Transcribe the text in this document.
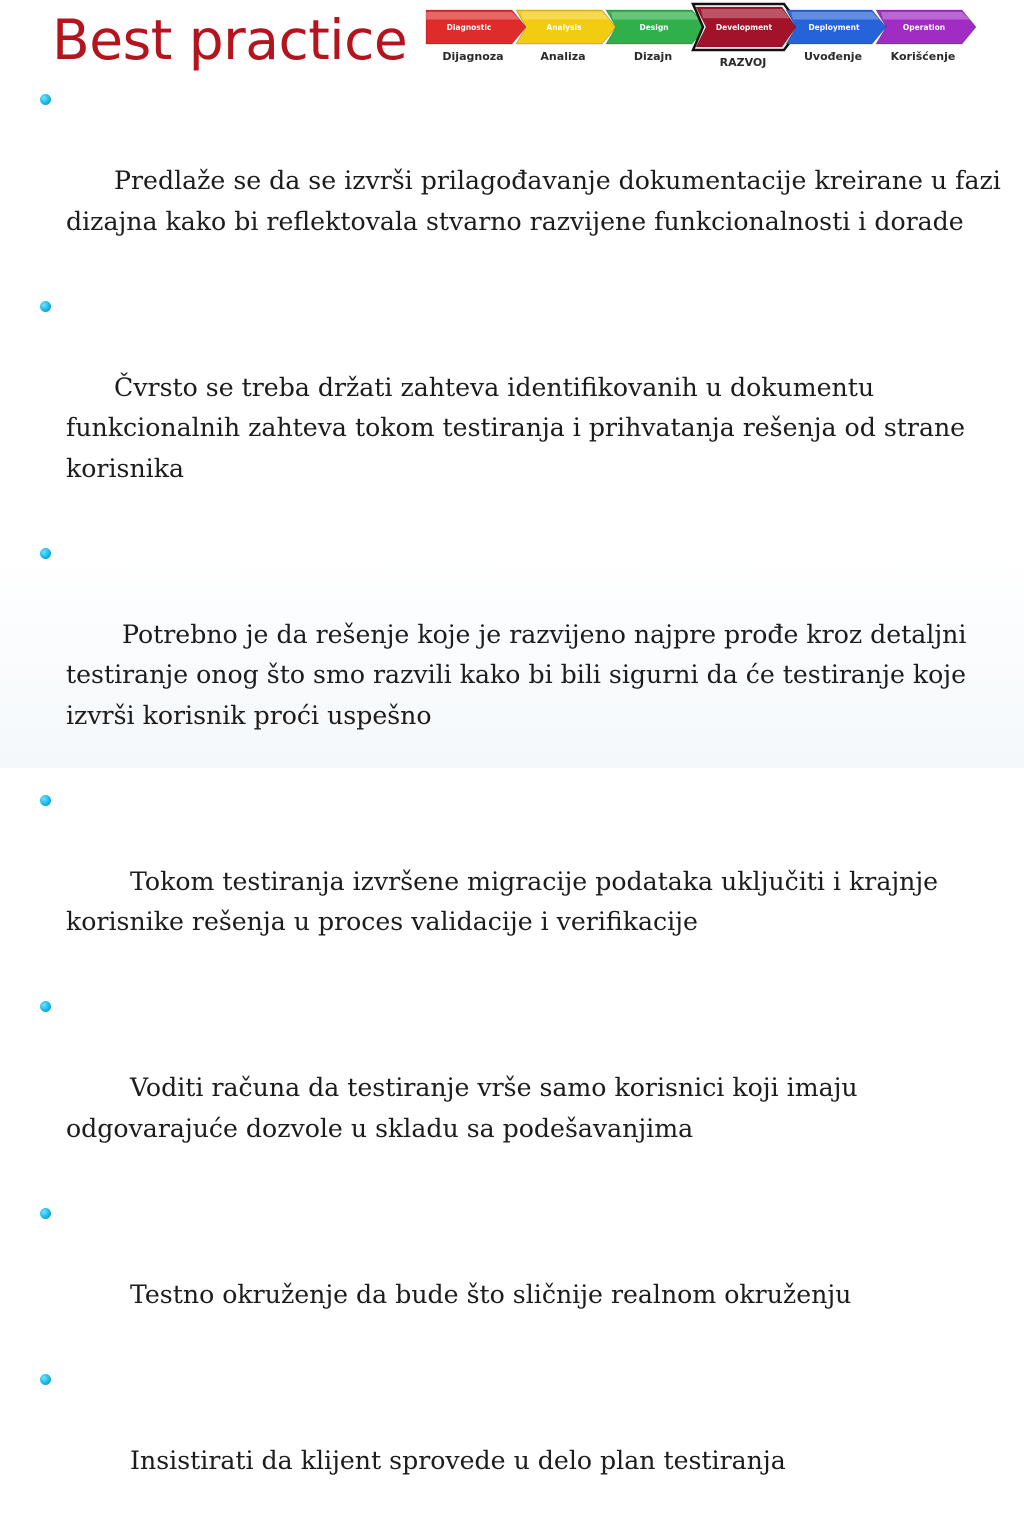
Best practice	Diagnostic
Dijagnoza
Analysis
Analiza
Design
Dizajn
Development
RAZVOJ
Deployment
Uvođenje
Operation
Korišćenje

Predlaže se da se izvrši prilagođavanje dokumentacije kreirane u fazi dizajna kako bi reflektovala stvarno razvijene funkcionalnosti i dorade

Čvrsto se treba držati zahteva identifikovanih u dokumentu funkcionalnih zahteva tokom testiranja i prihvatanja rešenja od strane korisnika

Potrebno je da rešenje koje je razvijeno najpre prođe kroz detaljni testiranje onog što smo razvili kako bi bili sigurni da će testiranje koje izvrši korisnik proći uspešno

Tokom testiranja izvršene migracije podataka uključiti i krajnje korisnike rešenja u proces validacije i verifikacije

Voditi računa da testiranje vrše samo korisnici koji imaju odgovarajuće dozvole u skladu sa podešavanjima

Testno okruženje da bude što sličnije realnom okruženju

Insistirati da klijent sprovede u delo plan testiranja
